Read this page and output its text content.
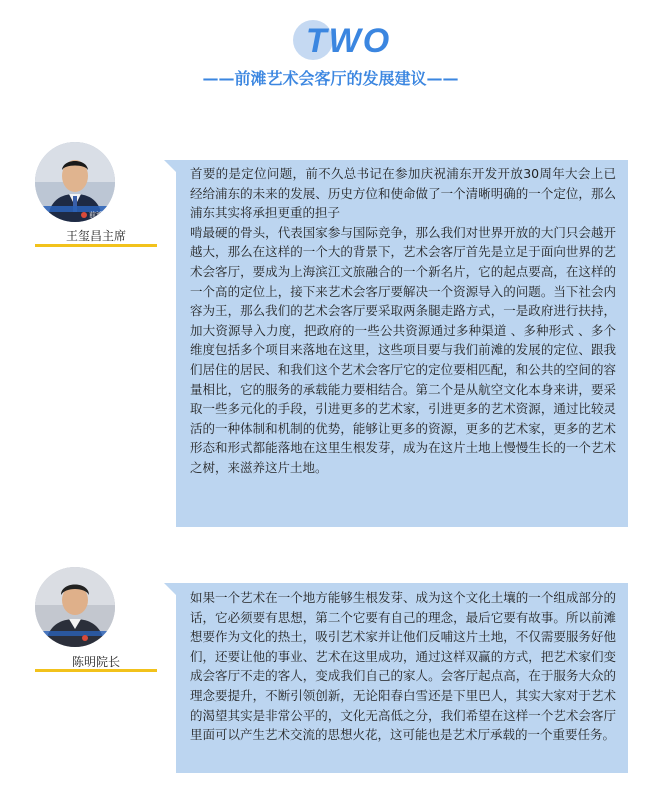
TWO
——前滩艺术会客厅的发展建议——
前滩
王玺昌主席

首要的是定位问题，前不久总书记在参加庆祝浦东开发开放30周年大会上已经给浦东的未来的发展、历史方位和使命做了一个清晰明确的一个定位，那么浦东其实将承担更重的担子

啃最硬的骨头，代表国家参与国际竞争，那么我们对世界开放的大门只会越开越大，那么在这样的一个大的背景下，艺术会客厅首先是立足于面向世界的艺术会客厅，要成为上海滨江文旅融合的一个新名片，它的起点要高，在这样的一个高的定位上，接下来艺术会客厅要解决一个资源导入的问题。当下社会内容为王，那么我们的艺术会客厅要采取两条腿走路方式，一是政府进行扶持，加大资源导入力度，把政府的一些公共资源通过多种渠道 、多种形式 、多个维度包括多个项目来落地在这里，这些项目要与我们前滩的发展的定位、跟我们居住的居民、和我们这个艺术会客厅它的定位要相匹配，和公共的空间的容量相比，它的服务的承载能力要相结合。第二个是从航空文化本身来讲，要采取一些多元化的手段，引进更多的艺术家，引进更多的艺术资源，通过比较灵活的一种体制和机制的优势，能够让更多的资源，更多的艺术家，更多的艺术形态和形式都能落地在这里生根发芽，成为在这片土地上慢慢生长的一个艺术之树，来滋养这片土地。

陈明院长

如果一个艺术在一个地方能够生根发芽、成为这个文化土壤的一个组成部分的话，它必须要有思想，第二个它要有自己的理念，最后它要有故事。所以前滩想要作为文化的热土，吸引艺术家并让他们反哺这片土地，不仅需要服务好他们，还要让他的事业、艺术在这里成功，通过这样双赢的方式，把艺术家们变成会客厅不走的客人，变成我们自己的家人。会客厅起点高，在于服务大众的理念要提升，不断引领创新，无论阳春白雪还是下里巴人，其实大家对于艺术的渴望其实是非常公平的，文化无高低之分，我们希望在这样一个艺术会客厅里面可以产生艺术交流的思想火花，这可能也是艺术厅承载的一个重要任务。
